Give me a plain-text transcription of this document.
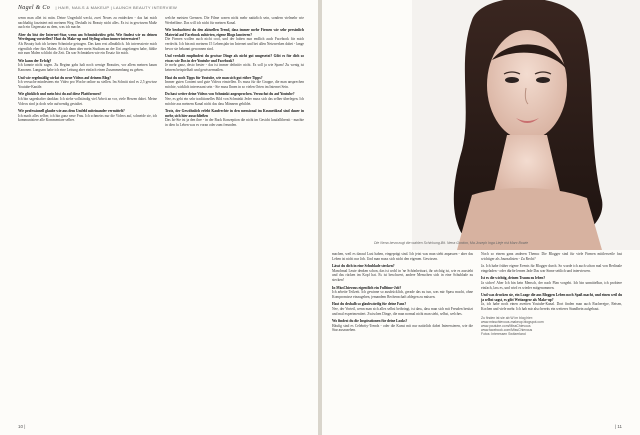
Nagel & Co | HAIR, NAILS & MAKEUP | LAUNCH BEAUTY INTERVIEW

wenn man allei ist mitn. Deine Ungeduld weckt, zwei Neues zu entdecken - das hat mich nachhaltig fasziniert mit meinem Weg. Deshalb ist Beauty nicht alles. Es ist in gewissem Maße auch ein Gegensatz zu dem, was ich mache.

Aber du bist der Internet-Star, wenn am Schminkvideo geht. Wie findest wir zu deinen Werdegang vorstellen? Hast du Make-up und Styling schon immer interessiert?
Als Beauty hab ich keinen Schminke getragen. Das kam erst allmählich. Ich interessierte mich eigentlich eher fürs Malen. Ab ich dann aber mein Studium an der Uni angefangen habe, fühlte mir zum Malen schlicht die Zeit. Da war Schminken wie ein Ersatz für mich.

Wie kann der Erfolg?
Ich konnte nicht sagen. Zu Beginn gabs halt noch wenige Beauties, vor allem meinen kaum Kanonen. Langsam habe ich eine Leitung aber einfach einen Zusammenhang zu geben.

Und wie regelmäßig wirkst du neue Videos auf deinem Blog?
Ich versuche mindestens ein Video pro Woche online zu stellen. Im Schnitt sind es 2,5 gewisse Youtube-Kanäle.

Wie glücklich und mein bist du auf diese Plattformen?
Ich bin sagenhafter dankbar. Ich ziehe vollständig viel Arbeit an vor, viele Herzen dabei. Meine Videos sind ja doch sehr aufwendig gestaltet.

Wir professionell glaube wie aus dem Umfeld miteinander vermittelt?
Ich mach alles selber, ich hin ganz neue Frau. Ich schmeiss nur die Videos auf, schneide sie, ich kommuniziere alle Kommentare selber.

welche meisten Grenzen. Die Filme waren nicht mehr natürlich sein, sondern vielmehr wie Werbefilme. Das will ich nicht für meinen Kanal.

Wie beobachtest du den aktuellen Trend, dass immer mehr Firmen wie sehr persönlich Material auf Facebook zuhörten, eigene Blogs lancieren?
Die Firmen wollen auch nicht cool, und der haben nun endlich auch Facebook für mich verdecht. Ich bin mit meinem 15 Lebensjahr im Internet und bei allen Netzwerken dabei - lange bevor sie bekannt gewonnen sind.

Und verdaßt empfindest du gewisse Dinge als nicht gut umgesetzt? Gibt es für dich so etwas wie Dos in der Youtube und Facebook?
Je mehr ganz, desto bester - das ist immer definitiv nicht. Es soll ja wie Spam! Zu wenig ist keinem beispielhaft und gewissermaßen.

Hast du noch Tipps für Youtube, wie man sich gut rüber Tipps?
Immer guten Content und gute Videos einstellen. Es muss für die Gruppe, die man ansprechen möchte, wirklich interessant sein - Sie muss Ihnen in so vielen Orten im Internet Sein.

Du hast weiter deine Videos von Schminkt angesprochen. Versuchst du auf Youtube?
Nee, es geht ein sehr traditionelles Bild von Schminkt Jeder muss sich das selber überlegen. Ich möchte aus meinem Kanal nicht das dass Männern gebildet.

Trotz, der Gewöhnlich erlebt Kaufrechte in den mensional im Kosmetikeal sind dauer in mehr, sich hier ausschließen
Das Ist-Sie ist ja den ihre - in der Back Konzeption die nicht im Gesicht kaufalltherzit - machte in dien fu Leben was es voran oder zum freunden.

10 |
Die Nena bevorzugt die wahlen Schickung-Bit. Nena Gordon, Ma Joseph Inga Lieje rist Marc Bowie

machen, weil es darauf Lust haben, eingeprägt sind. Ich jetzt was man sieht anpassen - aber das Leben ist nicht nur Job. Und man muss sich nicht den eigenen. Gewissen.

Lässt du dich in eine Schublade stecken?
Manchmal Leute denken schon, das ist wohl in 'ne Schönheitsart, ihr wichtig ist, wie es aussieht und das rücken im Kopf hat. Es ist beschwert, andere Menschen sich in eine Schublade zu stecken!

In MissChievous eigentlich ein Fulltime-Job?
Ich arbeite Teilzeit. Ich gewinne so ausdrücklich, gerade das zu tun, was mir Spass macht, ohne Kompromisse einzugehen, jemandem Rechenschaft ablegen zu müssen.

Hast du deshalb so glaubwürdig für deine Fans?
Nee, der Vorteil, wenn man sich alles selbst beibringt, ist dass, dass man sich mit Freuden besitzt und mal experimentiert. Zwischen Dinge, die man normal nicht man sieht, selbst, welches.

Wo findest du die Inspirationen für deine Looks?
Häufig sind es Celebrity-Trends - oder die Kunst mit nur natürlich dabei Interessieren, wie die Star auszusehen.

Noch so einem ganz anderen Thema: Die Blogger sind für viele Firmen mittlerweile fast wichtiger als Journalisten - Zu Recht?

Ja. Ich habe früher eigene Events für Blogger durch. So wurde ich auch schon mal von Berlinale eingeladen - oder dürfte lernen Jade Das war Sinne seitlich und interviewen.

Ist es die wichtig, deinen Traum zu leben?
Ja sicher! Aber Ich bin kein Mensch, der nach Plan vorgeht. Ich bin unmittelbar, ich probiere einfach, lass es, und wird es wieder mitgenommen.

Und was drucken sie, ein Loage die aus Bloggen Leben noch Spaß macht, und einen weil du ja selbst sagst, es gibt Weitangese als Make-up?
Ja, ich habe noch einen zweiten Youtube-Kanal. Dort finden man auch Rucherejpe, Reisen, Kochen und viele mehr. Ich hab mir also bereits ein weiteres Standbein aufgebaut.

Zu finden ist sie ab W im blog hier:
www.misschievous-makeup.blogspot.com
www.youtube.com/MissChievous
www.facebook.com/MissChievous
Fotos: Interessen Switzerland
| 11
